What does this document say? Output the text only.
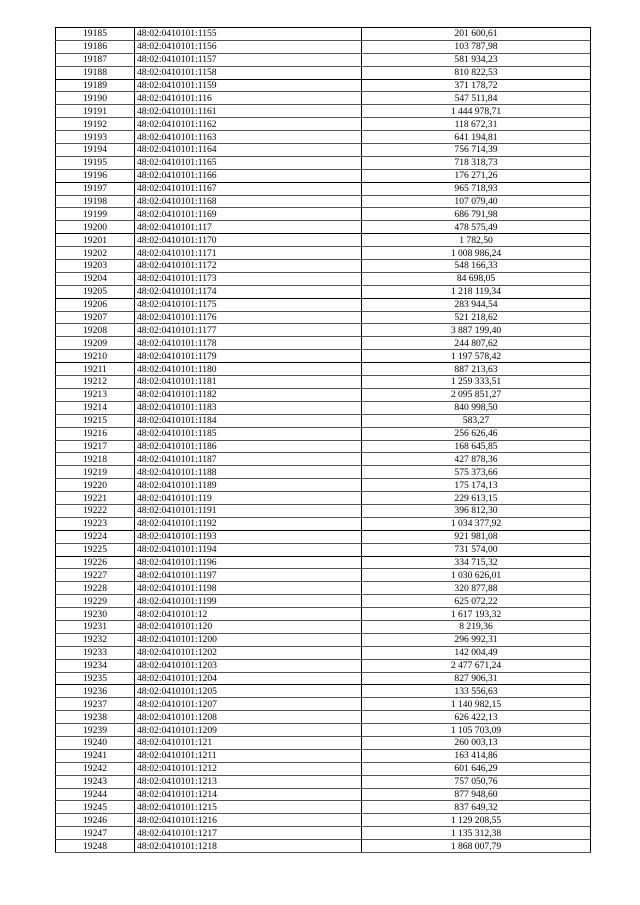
19185	48:02:0410101:1155	201 600,61
19186	48:02:0410101:1156	103 787,98
19187	48:02:0410101:1157	581 934,23
19188	48:02:0410101:1158	810 822,53
19189	48:02:0410101:1159	371 178,72
19190	48:02:0410101:116	547 511,84
19191	48:02:0410101:1161	1 444 978,71
19192	48:02:0410101:1162	118 672,31
19193	48:02:0410101:1163	641 194,81
19194	48:02:0410101:1164	756 714,39
19195	48:02:0410101:1165	718 318,73
19196	48:02:0410101:1166	176 271,26
19197	48:02:0410101:1167	965 718,93
19198	48:02:0410101:1168	107 079,40
19199	48:02:0410101:1169	686 791,98
19200	48:02:0410101:117	478 575,49
19201	48:02:0410101:1170	1 782,50
19202	48:02:0410101:1171	1 008 986,24
19203	48:02:0410101:1172	548 166,33
19204	48:02:0410101:1173	84 698,05
19205	48:02:0410101:1174	1 218 119,34
19206	48:02:0410101:1175	283 944,54
19207	48:02:0410101:1176	521 218,62
19208	48:02:0410101:1177	3 887 199,40
19209	48:02:0410101:1178	244 807,62
19210	48:02:0410101:1179	1 197 578,42
19211	48:02:0410101:1180	887 213,63
19212	48:02:0410101:1181	1 259 333,51
19213	48:02:0410101:1182	2 095 851,27
19214	48:02:0410101:1183	840 998,50
19215	48:02:0410101:1184	583,27
19216	48:02:0410101:1185	256 626,46
19217	48:02:0410101:1186	168 645,85
19218	48:02:0410101:1187	427 878,36
19219	48:02:0410101:1188	575 373,66
19220	48:02:0410101:1189	175 174,13
19221	48:02:0410101:119	229 613,15
19222	48:02:0410101:1191	396 812,30
19223	48:02:0410101:1192	1 034 377,92
19224	48:02:0410101:1193	921 981,08
19225	48:02:0410101:1194	731 574,00
19226	48:02:0410101:1196	334 715,32
19227	48:02:0410101:1197	1 030 626,01
19228	48:02:0410101:1198	320 877,88
19229	48:02:0410101:1199	625 072,22
19230	48:02:0410101:12	1 617 193,32
19231	48:02:0410101:120	8 219,36
19232	48:02:0410101:1200	296 992,31
19233	48:02:0410101:1202	142 004,49
19234	48:02:0410101:1203	2 477 671,24
19235	48:02:0410101:1204	827 906,31
19236	48:02:0410101:1205	133 556,63
19237	48:02:0410101:1207	1 140 982,15
19238	48:02:0410101:1208	626 422,13
19239	48:02:0410101:1209	1 105 703,09
19240	48:02:0410101:121	260 003,13
19241	48:02:0410101:1211	163 414,86
19242	48:02:0410101:1212	601 646,29
19243	48:02:0410101:1213	757 050,76
19244	48:02:0410101:1214	877 948,60
19245	48:02:0410101:1215	837 649,32
19246	48:02:0410101:1216	1 129 208,55
19247	48:02:0410101:1217	1 135 312,38
19248	48:02:0410101:1218	1 868 007,79
